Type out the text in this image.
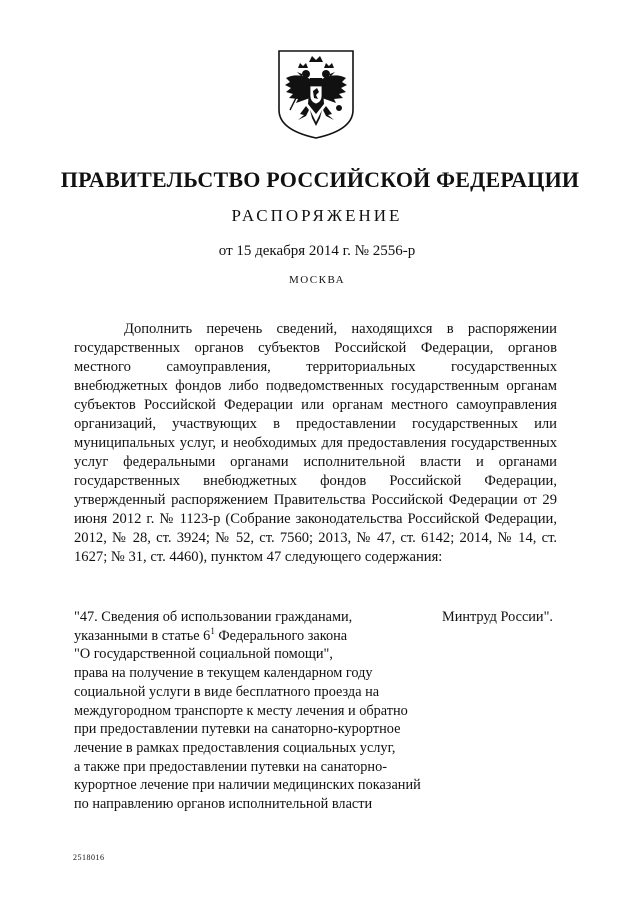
ПРАВИТЕЛЬСТВО РОССИЙСКОЙ ФЕДЕРАЦИИ
РАСПОРЯЖЕНИЕ
от 15 декабря 2014 г. № 2556-р
МОСКВА

Дополнить перечень сведений, находящихся в распоряжении государственных органов субъектов Российской Федерации, органов местного самоуправления, территориальных государственных внебюджетных фондов либо подведомственных государственным органам субъектов Российской Федерации или органам местного самоуправления организаций, участвующих в предоставлении государственных или муниципальных услуг, и необходимых для предоставления государственных услуг федеральными органами исполнительной власти и органами государственных внебюджетных фондов Российской Федерации, утвержденный распоряжением Правительства Российской Федерации от 29 июня 2012 г. № 1123-р (Собрание законодательства Российской Федерации, 2012, № 28, ст. 3924; № 52, ст. 7560; 2013, № 47, ст. 6142; 2014, № 14, ст. 1627; № 31, ст. 4460), пунктом 47 следующего содержания:

"47. Сведения об использовании гражданами,
указанными в статье $6^1$ Федерального закона
"О государственной социальной помощи",
права на получение в текущем календарном году
социальной услуги в виде бесплатного проезда на
междугородном транспорте к месту лечения и обратно
при предоставлении путевки на санаторно-курортное
лечение в рамках предоставления социальных услуг,
а также при предоставлении путевки на санаторно-
курортное лечение при наличии медицинских показаний
по направлению органов исполнительной власти
Минтруд России".
2518016
